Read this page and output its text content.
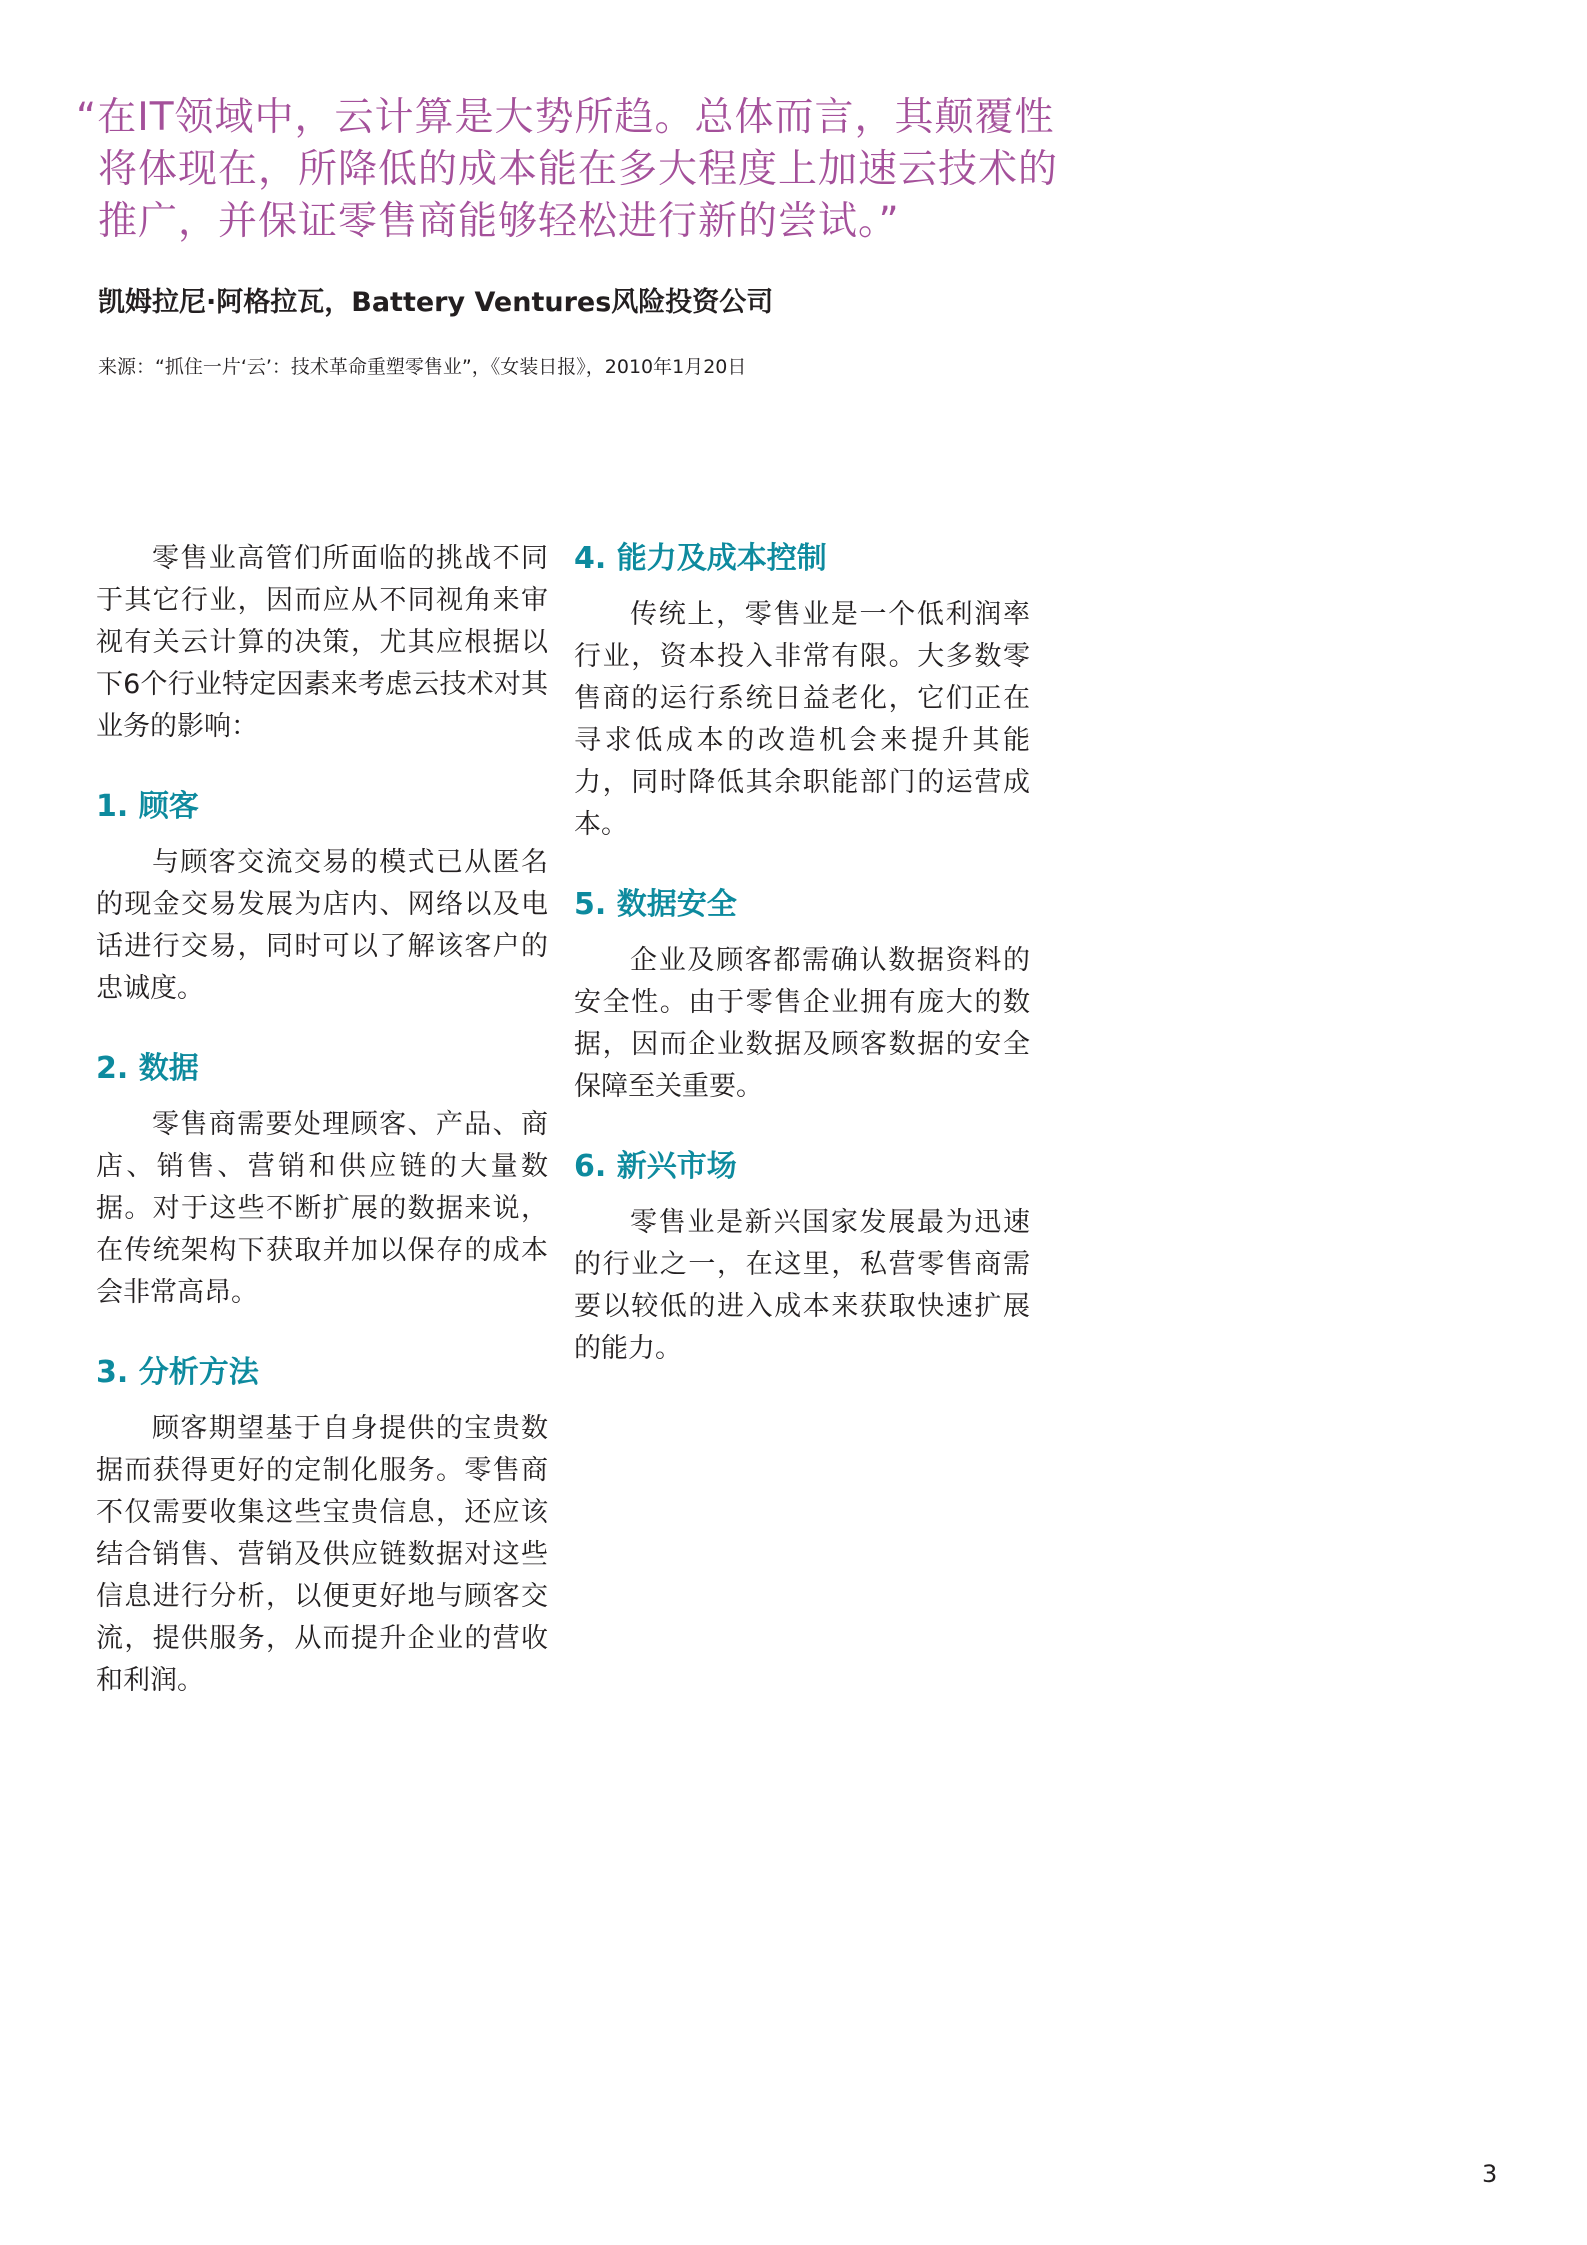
“在IT领域中，云计算是大势所趋。总体而言，其颠覆性
将体现在，所降低的成本能在多大程度上加速云技术的
推广，并保证零售商能够轻松进行新的尝试。”
凯姆拉尼·阿格拉瓦，Battery Ventures风险投资公司
来源：“抓住一片‘云’：技术革命重塑零售业”，《女装日报》，2010年1月20日

零售业高管们所面临的挑战不同于其它行业，因而应从不同视角来审视有关云计算的决策，尤其应根据以下6个行业特定因素来考虑云技术对其业务的影响：

1. 顾客

与顾客交流交易的模式已从匿名的现金交易发展为店内、网络以及电话进行交易，同时可以了解该客户的忠诚度。

2. 数据

零售商需要处理顾客、产品、商店、销售、营销和供应链的大量数据。对于这些不断扩展的数据来说，在传统架构下获取并加以保存的成本会非常高昂。

3. 分析方法

顾客期望基于自身提供的宝贵数据而获得更好的定制化服务。零售商不仅需要收集这些宝贵信息，还应该结合销售、营销及供应链数据对这些信息进行分析，以便更好地与顾客交流，提供服务，从而提升企业的营收和利润。

4. 能力及成本控制

传统上，零售业是一个低利润率行业，资本投入非常有限。大多数零售商的运行系统日益老化，它们正在寻求低成本的改造机会来提升其能力，同时降低其余职能部门的运营成本。

5. 数据安全

企业及顾客都需确认数据资料的安全性。由于零售企业拥有庞大的数据，因而企业数据及顾客数据的安全保障至关重要。

6. 新兴市场

零售业是新兴国家发展最为迅速的行业之一，在这里，私营零售商需要以较低的进入成本来获取快速扩展的能力。

3
